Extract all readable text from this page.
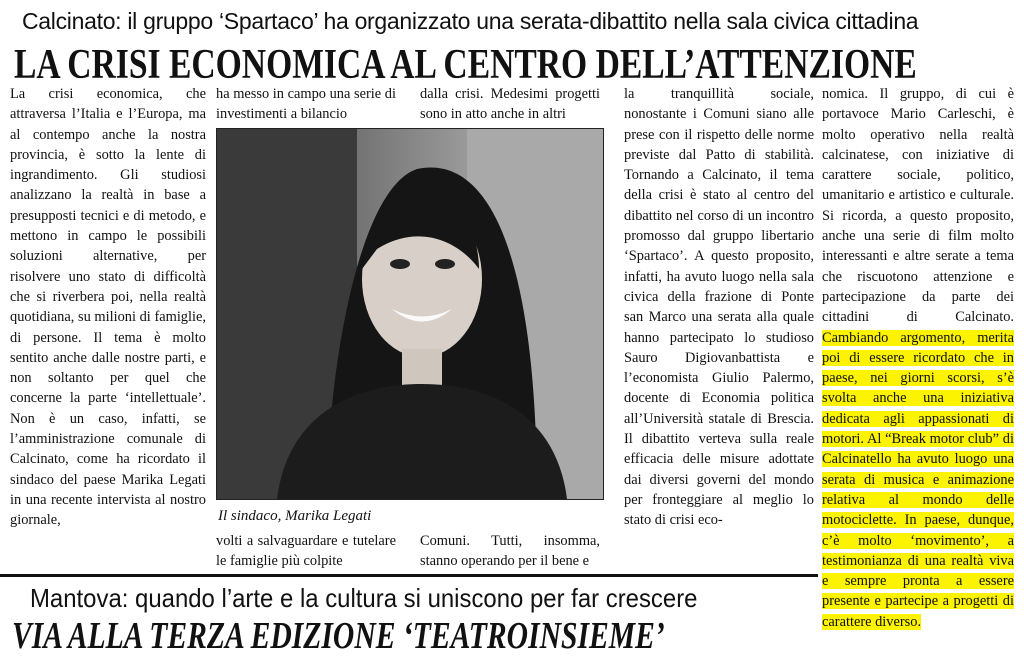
Calcinato: il gruppo ‘Spartaco’ ha organizzato una serata-dibattito nella sala civica cittadina
LA CRISI ECONOMICA AL CENTRO DELL’ATTENZIONE

La crisi economica, che attraversa l’Italia e l’Europa, ma al contempo anche la nostra provincia, è sotto la lente di ingrandimento. Gli studiosi analizzano la realtà in base a presupposti tecnici e di metodo, e mettono in campo le possibili soluzioni alternative, per risolvere uno stato di difficoltà che si riverbera poi, nella realtà quotidiana, su milioni di famiglie, di persone. Il tema è molto sentito anche dalle nostre parti, e non soltanto per quel che concerne la parte ‘intellettuale’. Non è un caso, infatti, se l’amministrazione comunale di Calcinato, come ha ricordato il sindaco del paese Marika Legati in una recente intervista al nostro giornale,

ha messo in campo una serie di investimenti a bilancio

dalla crisi. Medesimi progetti sono in atto anche in altri

Il sindaco, Marika Legati

volti a salvaguardare e tutelare le famiglie più colpite

Comuni. Tutti, insomma, stanno operando per il bene e

la tranquillità sociale, nonostante i Comuni siano alle prese con il rispetto delle norme previste dal Patto di stabilità. Tornando a Calcinato, il tema della crisi è stato al centro del dibattito nel corso di un incontro promosso dal gruppo libertario ‘Spartaco’. A questo proposito, infatti, ha avuto luogo nella sala civica della frazione di Ponte san Marco una serata alla quale hanno partecipato lo studioso Sauro Digiovanbattista e l’economista Giulio Palermo, docente di Economia politica all’Università statale di Brescia. Il dibattito verteva sulla reale efficacia delle misure adottate dai diversi governi del mondo per fronteggiare al meglio lo stato di crisi eco-

nomica. Il gruppo, di cui è portavoce Mario Carleschi, è molto operativo nella realtà calcinatese, con iniziative di carattere sociale, politico, umanitario e artistico e culturale. Si ricorda, a questo proposito, anche una serie di film molto interessanti e altre serate a tema che riscuotono attenzione e partecipazione da parte dei cittadini di Calcinato. Cambiando argomento, merita poi di essere ricordato che in paese, nei giorni scorsi, s’è svolta anche una iniziativa dedicata agli appassionati di motori. Al “Break motor club” di Calcinatello ha avuto luogo una serata di musica e animazione relativa al mondo delle motociclette. In paese, dunque, c’è molto ‘movimento’, a testimonianza di una realtà viva e sempre pronta a essere presente e partecipe a progetti di carattere diverso.

Mantova: quando l’arte e la cultura si uniscono per far crescere
VIA ALLA TERZA EDIZIONE ‘TEATROINSIEME’
